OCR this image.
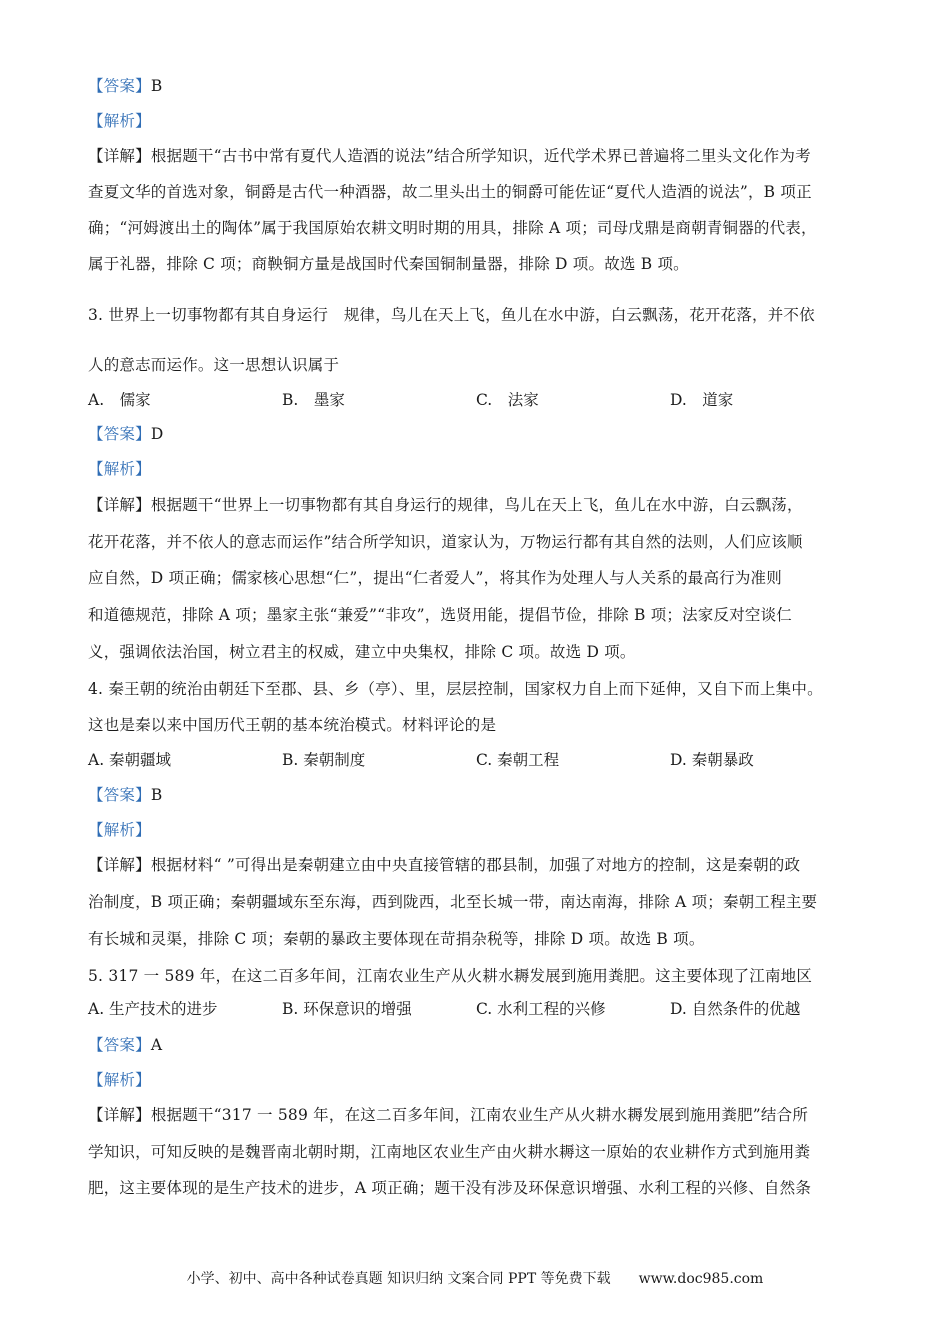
【答案】B
【解析】
【详解】根据题干“古书中常有夏代人造酒的说法”结合所学知识，近代学术界已普遍将二里头文化作为考
查夏文华的首选对象，铜爵是古代一种酒器，故二里头出土的铜爵可能佐证“夏代人造酒的说法”，B 项正
确；“河姆渡出土的陶体”属于我国原始农耕文明时期的用具，排除 A 项；司母戊鼎是商朝青铜器的代表，
属于礼器，排除 C 项；商鞅铜方量是战国时代秦国铜制量器，排除 D 项。故选 B 项。
3. 世界上一切事物都有其自身运行　规律，鸟儿在天上飞，鱼儿在水中游，白云飘荡，花开花落，并不依
人的意志而运作。这一思想认识属于
A.　儒家	B.　墨家	C.　法家	D.　道家
【答案】D
【解析】
【详解】根据题干“世界上一切事物都有其自身运行的规律，鸟儿在天上飞，鱼儿在水中游，白云飘荡，
花开花落，并不依人的意志而运作”结合所学知识，道家认为，万物运行都有其自然的法则，人们应该顺
应自然，D 项正确；儒家核心思想“仁”，提出“仁者爱人”，将其作为处理人与人关系的最高行为准则
和道德规范，排除 A 项；墨家主张“兼爱”“非攻”，选贤用能，提倡节俭，排除 B 项；法家反对空谈仁
义，强调依法治国，树立君主的权威，建立中央集权，排除 C 项。故选 D 项。
4. 秦王朝的统治由朝廷下至郡、县、乡（亭）、里，层层控制，国家权力自上而下延伸，又自下而上集中。
这也是秦以来中国历代王朝的基本统治模式。材料评论的是
A. 秦朝疆域	B. 秦朝制度	C. 秦朝工程	D. 秦朝暴政
【答案】B
【解析】
【详解】根据材料“ ”可得出是秦朝建立由中央直接管辖的郡县制，加强了对地方的控制，这是秦朝的政
治制度，B 项正确；秦朝疆域东至东海，西到陇西，北至长城一带，南达南海，排除 A 项；秦朝工程主要
有长城和灵渠，排除 C 项；秦朝的暴政主要体现在苛捐杂税等，排除 D 项。故选 B 项。
5. 317 一 589 年，在这二百多年间，江南农业生产从火耕水耨发展到施用粪肥。这主要体现了江南地区
A. 生产技术的进步	B. 环保意识的增强	C. 水利工程的兴修	D. 自然条件的优越
【答案】A
【解析】
【详解】根据题干“317 一 589 年，在这二百多年间，江南农业生产从火耕水耨发展到施用粪肥”结合所
学知识，可知反映的是魏晋南北朝时期，江南地区农业生产由火耕水耨这一原始的农业耕作方式到施用粪
肥，这主要体现的是生产技术的进步，A 项正确；题干没有涉及环保意识增强、水利工程的兴修、自然条
小学、初中、高中各种试卷真题 知识归纳 文案合同 PPT 等免费下载　　www.doc985.com
